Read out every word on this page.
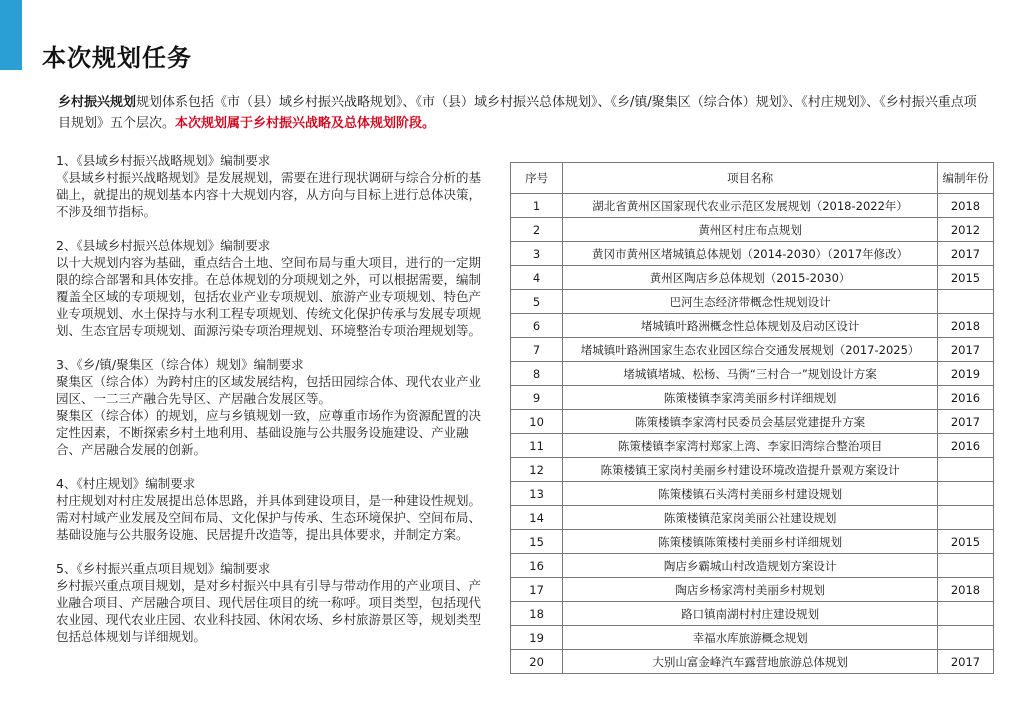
本次规划任务
乡村振兴规划规划体系包括《市（县）域乡村振兴战略规划》、《市（县）域乡村振兴总体规划》、《乡/镇/聚集区（综合体）规划》、《村庄规划》、《乡村振兴重点项目规划》五个层次。本次规划属于乡村振兴战略及总体规划阶段。

1、《县域乡村振兴战略规划》编制要求

《县域乡村振兴战略规划》是发展规划，需要在进行现状调研与综合分析的基础上，就提出的规划基本内容十大规划内容，从方向与目标上进行总体决策，不涉及细节指标。

2、《县域乡村振兴总体规划》编制要求

以十大规划内容为基础，重点结合土地、空间布局与重大项目，进行的一定期限的综合部署和具体安排。在总体规划的分项规划之外，可以根据需要，编制覆盖全区域的专项规划，包括农业产业专项规划、旅游产业专项规划、特色产业专项规划、水土保持与水利工程专项规划、传统文化保护传承与发展专项规划、生态宜居专项规划、面源污染专项治理规划、环境整治专项治理规划等。

3、《乡/镇/聚集区（综合体）规划》编制要求

聚集区（综合体）为跨村庄的区域发展结构，包括田园综合体、现代农业产业园区、一二三产融合先导区、产居融合发展区等。

聚集区（综合体）的规划，应与乡镇规划一致，应尊重市场作为资源配置的决定性因素，不断探索乡村土地利用、基础设施与公共服务设施建设、产业融合、产居融合发展的创新。

4、《村庄规划》编制要求

村庄规划对村庄发展提出总体思路，并具体到建设项目，是一种建设性规划。需对村域产业发展及空间布局、文化保护与传承、生态环境保护、空间布局、基础设施与公共服务设施、民居提升改造等，提出具体要求，并制定方案。

5、《乡村振兴重点项目规划》编制要求

乡村振兴重点项目规划，是对乡村振兴中具有引导与带动作用的产业项目、产业融合项目、产居融合项目、现代居住项目的统一称呼。项目类型，包括现代农业园、现代农业庄园、农业科技园、休闲农场、乡村旅游景区等，规划类型包括总体规划与详细规划。

序号	项目名称	编制年份
1	湖北省黄州区国家现代农业示范区发展规划（2018-2022年）	2018
2	黄州区村庄布点规划	2012
3	黄冈市黄州区堵城镇总体规划（2014-2030）（2017年修改）	2017
4	黄州区陶店乡总体规划（2015-2030）	2015
5	巴河生态经济带概念性规划设计	
6	堵城镇叶路洲概念性总体规划及启动区设计	2018
7	堵城镇叶路洲国家生态农业园区综合交通发展规划（2017-2025）	2017
8	堵城镇堵城、松杨、马衖“三村合一”规划设计方案	2019
9	陈策楼镇李家湾美丽乡村详细规划	2016
10	陈策楼镇李家湾村民委员会基层党建提升方案	2017
11	陈策楼镇李家湾村郑家上湾、李家旧湾综合整治项目	2016
12	陈策楼镇王家岗村美丽乡村建设环境改造提升景观方案设计	
13	陈策楼镇石头湾村美丽乡村建设规划	
14	陈策楼镇范家岗美丽公社建设规划	
15	陈策楼镇陈策楼村美丽乡村详细规划	2015
16	陶店乡霸城山村改造规划方案设计	
17	陶店乡杨家湾村美丽乡村规划	2018
18	路口镇南湖村村庄建设规划	
19	幸福水库旅游概念规划	
20	大别山富金峰汽车露营地旅游总体规划	2017
